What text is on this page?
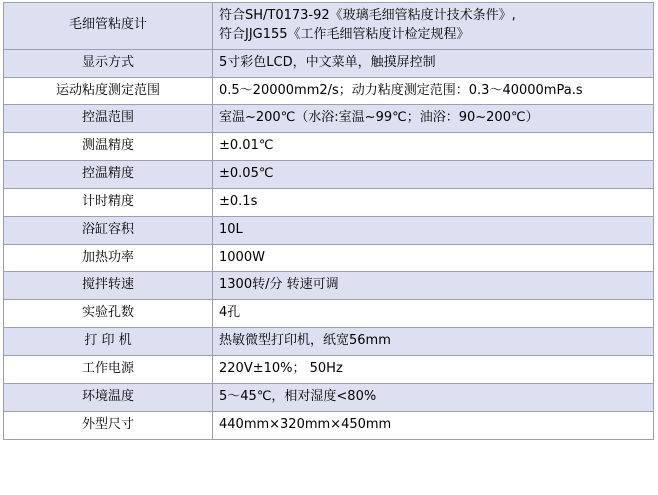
毛细管粘度计	符合SH/T0173-92《玻璃毛细管粘度计技术条件》,
符合JJG155《工作毛细管粘度计检定规程》

显示方式	5寸彩色LCD，中文菜单，触摸屏控制

运动粘度测定范围	0.5～20000mm2/s；动力粘度测定范围：0.3～40000mPa.s

控温范围	室温~200℃（水浴:室温~99℃；油浴：90~200℃）

测温精度	±0.01℃

控温精度	±0.05℃

计时精度	±0.1s

浴缸容积	10L

加热功率	1000W

搅拌转速	1300转/分 转速可调

实验孔数	4孔

打 印 机	热敏微型打印机，纸宽56mm

工作电源	220V±10%； 50Hz

环境温度	5～45℃，相对湿度<80%

外型尺寸	440mm×320mm×450mm
